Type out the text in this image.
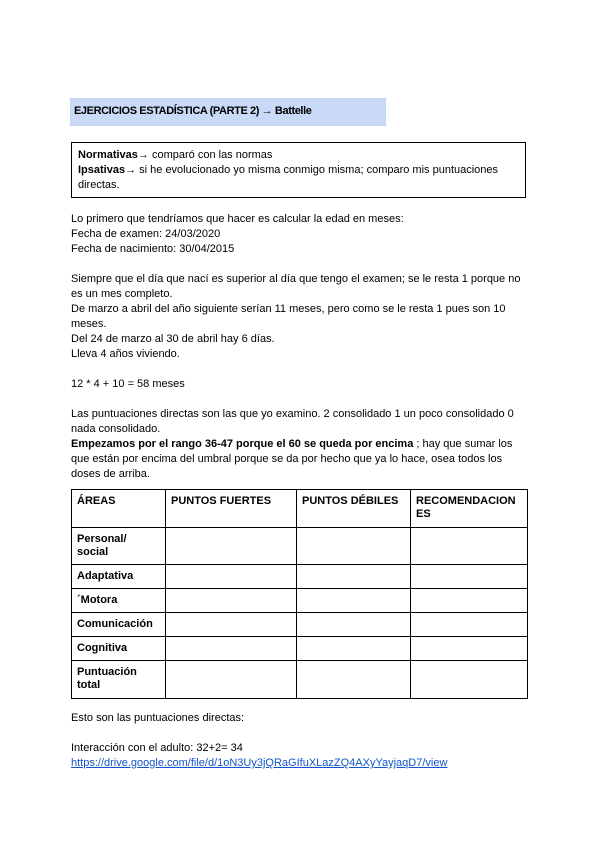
EJERCICIOS ESTADÍSTICA (PARTE 2) → Battelle

Normativas→ comparó con las normas

Ipsativas→ si he evolucionado yo misma conmigo misma; comparo mis puntuaciones directas.

Lo primero que tendríamos que hacer es calcular la edad en meses:

Fecha de examen: 24/03/2020

Fecha de nacimiento: 30/04/2015

Siempre que el día que nací es superior al día que tengo el examen; se le resta 1 porque no es un mes completo.

De marzo a abril del año siguiente serían 11 meses, pero como se le resta 1 pues son 10 meses.

Del 24 de marzo al 30 de abril hay 6 días.

Lleva 4 años viviendo.

12 * 4 + 10 = 58 meses

Las puntuaciones directas son las que yo examino. 2 consolidado 1 un poco consolidado 0 nada consolidado.

Empezamos por el rango 36-47 porque el 60 se queda por encima ; hay que sumar los que están por encima del umbral porque se da por hecho que ya lo hace, osea todos los doses de arriba.

ÁREAS	PUNTOS FUERTES	PUNTOS DÉBILES	RECOMENDACIONES
Personal/ social			
Adaptativa			
´Motora			
Comunicación			
Cognitiva			
Puntuación total			

Esto son las puntuaciones directas:

Interacción con el adulto: 32+2= 34

https://drive.google.com/file/d/1oN3Uy3jQRaGIfuXLazZQ4AXyYayjaqD7/view
